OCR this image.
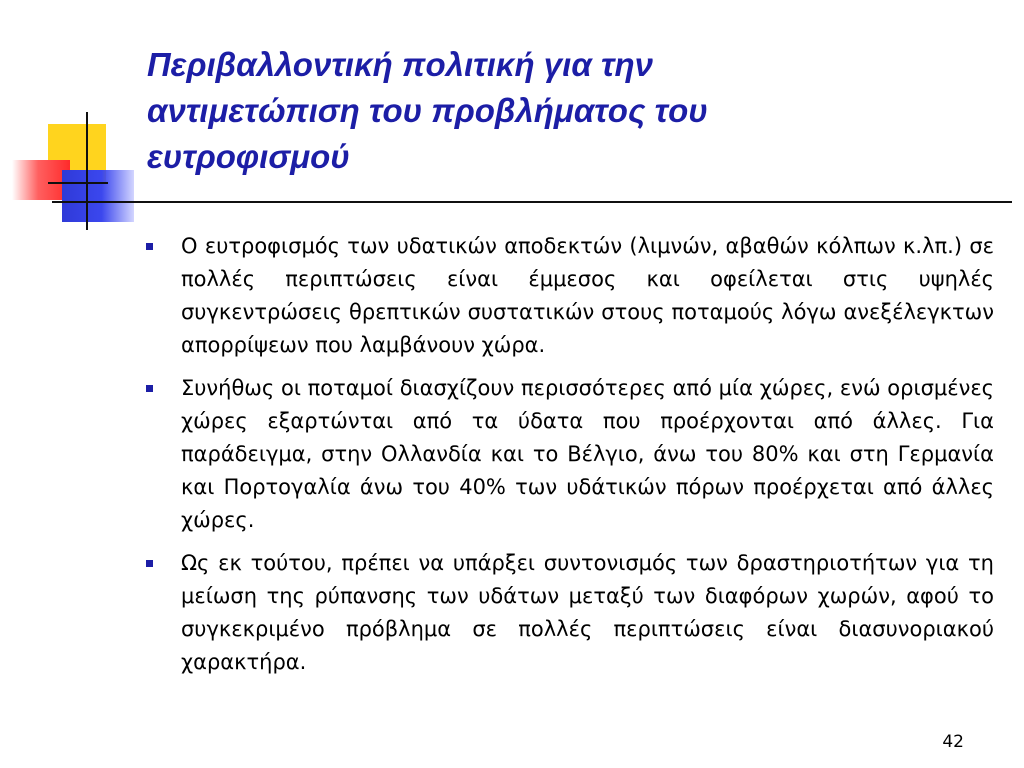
Περιβαλλοντική πολιτική για την
αντιμετώπιση του προβλήματος του
ευτροφισμού
Ο ευτροφισμός των υδατικών αποδεκτών (λιμνών, αβαθών κόλπων κ.λπ.) σε πολλές περιπτώσεις είναι έμμεσος και οφείλεται στις υψηλές συγκεντρώσεις θρεπτικών συστατικών στους ποταμούς λόγω ανεξέλεγκτων απορρίψεων που λαμβάνουν χώρα.
Συνήθως οι ποταμοί διασχίζουν περισσότερες από μία χώρες, ενώ ορισμένες χώρες εξαρτώνται από τα ύδατα που προέρχονται από άλλες. Για παράδειγμα, στην Ολλανδία και το Βέλγιο, άνω του 80% και στη Γερμανία και Πορτογαλία άνω του 40% των υδάτικών πόρων προέρχεται από άλλες χώρες.
Ως εκ τούτου, πρέπει να υπάρξει συντονισμός των δραστηριοτήτων για τη μείωση της ρύπανσης των υδάτων μεταξύ των διαφόρων χωρών, αφού το συγκεκριμένο πρόβλημα σε πολλές περιπτώσεις είναι διασυνοριακού χαρακτήρα.
42
